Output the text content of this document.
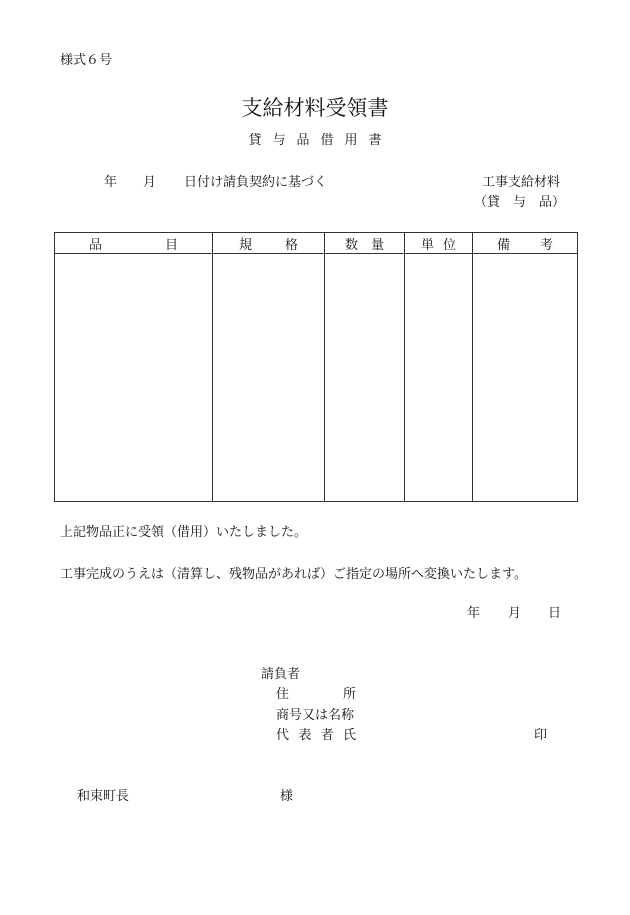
様式６号
支給材料受領書
貸与品借用書
年 月 日付け請負契約に基づく	工事支給材料
（貸　与　品）
品 目	規 格	数 量	単 位	備 考

上記物品正に受領（借用）いたしました。
工事完成のうえは（清算し、残物品があれば）ご指定の場所へ変換いたします。
年 月 日
請負者
住	所
商号又は名称
代 表 者 氏	印
和束町長	様
